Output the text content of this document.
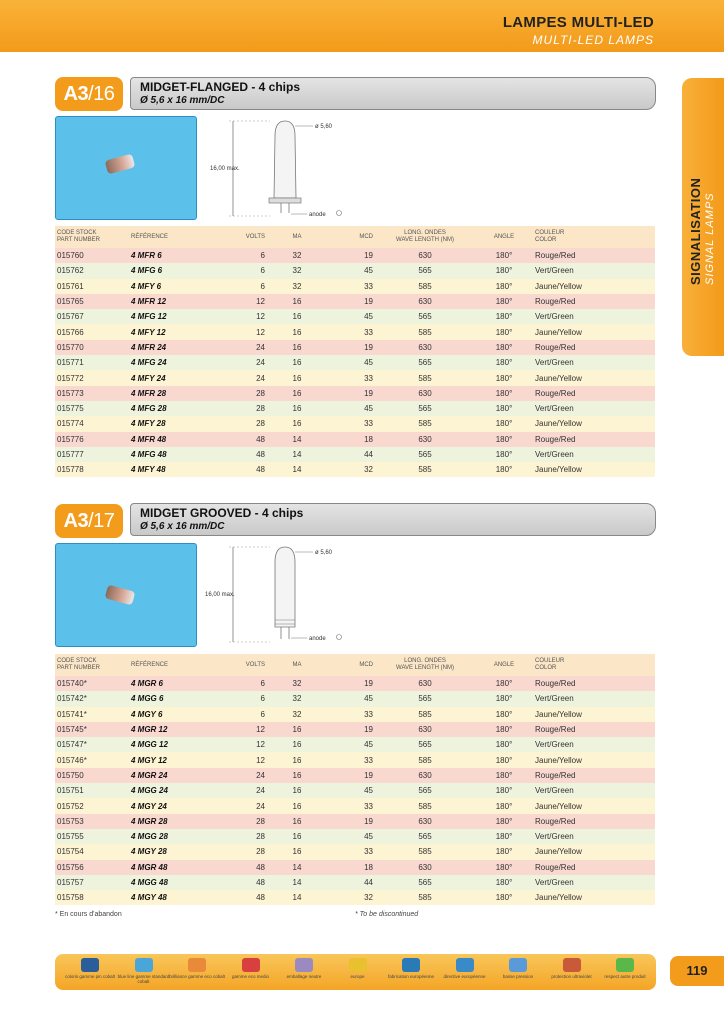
LAMPES MULTI-LED
MULTI-LED LAMPS
SIGNALISATION SIGNAL LAMPS
A3/16	MIDGET-FLANGED - 4 chips
Ø 5,6 x 16 mm/DC
ø 5,60
16,00 max.
anode
CODE STOCK
PART NUMBER	RÉFÉRENCE	VOLTS	MA	MCD	LONG. ONDES
WAVE LENGTH (NM)	ANGLE	COULEUR
COLOR
015760	4 MFR 6	6	32	19	630	180°	Rouge/Red
015762	4 MFG 6	6	32	45	565	180°	Vert/Green
015761	4 MFY 6	6	32	33	585	180°	Jaune/Yellow
015765	4 MFR 12	12	16	19	630	180°	Rouge/Red
015767	4 MFG 12	12	16	45	565	180°	Vert/Green
015766	4 MFY 12	12	16	33	585	180°	Jaune/Yellow
015770	4 MFR 24	24	16	19	630	180°	Rouge/Red
015771	4 MFG 24	24	16	45	565	180°	Vert/Green
015772	4 MFY 24	24	16	33	585	180°	Jaune/Yellow
015773	4 MFR 28	28	16	19	630	180°	Rouge/Red
015775	4 MFG 28	28	16	45	565	180°	Vert/Green
015774	4 MFY 28	28	16	33	585	180°	Jaune/Yellow
015776	4 MFR 48	48	14	18	630	180°	Rouge/Red
015777	4 MFG 48	48	14	44	565	180°	Vert/Green
015778	4 MFY 48	48	14	32	585	180°	Jaune/Yellow
A3/17	MIDGET GROOVED - 4 chips
Ø 5,6 x 16 mm/DC
ø 5,60
16,00 max.
anode
CODE STOCK
PART NUMBER	RÉFÉRENCE	VOLTS	MA	MCD	LONG. ONDES
WAVE LENGTH (NM)	ANGLE	COULEUR
COLOR
015740*	4 MGR 6	6	32	19	630	180°	Rouge/Red
015742*	4 MGG 6	6	32	45	565	180°	Vert/Green
015741*	4 MGY 6	6	32	33	585	180°	Jaune/Yellow
015745*	4 MGR 12	12	16	19	630	180°	Rouge/Red
015747*	4 MGG 12	12	16	45	565	180°	Vert/Green
015746*	4 MGY 12	12	16	33	585	180°	Jaune/Yellow
015750	4 MGR 24	24	16	19	630	180°	Rouge/Red
015751	4 MGG 24	24	16	45	565	180°	Vert/Green
015752	4 MGY 24	24	16	33	585	180°	Jaune/Yellow
015753	4 MGR 28	28	16	19	630	180°	Rouge/Red
015755	4 MGG 28	28	16	45	565	180°	Vert/Green
015754	4 MGY 28	28	16	33	585	180°	Jaune/Yellow
015756	4 MGR 48	48	14	18	630	180°	Rouge/Red
015757	4 MGG 48	48	14	44	565	180°	Vert/Green
015758	4 MGY 48	48	14	32	585	180°	Jaune/Yellow
* En cours d'abandon	* To be discontinued
coloris gamme pin cobalt blue line gamme standard cobalt
brilliance gamme eco cobalt	gamme eco medio	emballage neutre	europe	fabrication européenne	directive européenne	basse pression	protection ultraviolet	respect autre produit	119
